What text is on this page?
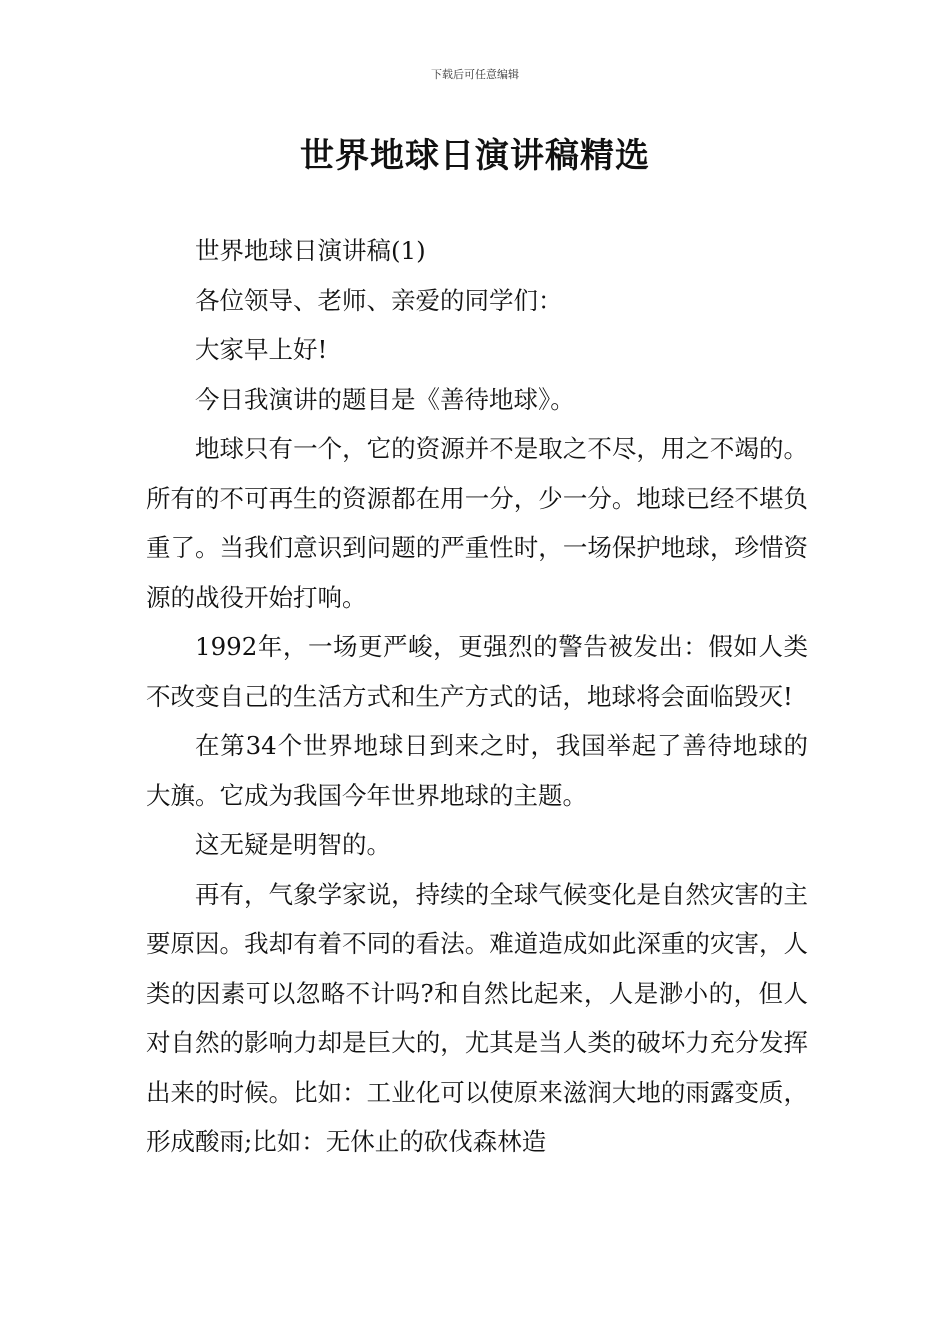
下载后可任意编辑
世界地球日演讲稿精选

世界地球日演讲稿(1)

各位领导、老师、亲爱的同学们：

大家早上好!

今日我演讲的题目是《善待地球》。

地球只有一个，它的资源并不是取之不尽，用之不竭的。所有的不可再生的资源都在用一分，少一分。地球已经不堪负重了。当我们意识到问题的严重性时，一场保护地球，珍惜资源的战役开始打响。

1992年，一场更严峻，更强烈的警告被发出：假如人类不改变自己的生活方式和生产方式的话，地球将会面临毁灭!

在第34个世界地球日到来之时，我国举起了善待地球的大旗。它成为我国今年世界地球的主题。

这无疑是明智的。

再有，气象学家说，持续的全球气候变化是自然灾害的主要原因。我却有着不同的看法。难道造成如此深重的灾害，人类的因素可以忽略不计吗?和自然比起来，人是渺小的，但人对自然的影响力却是巨大的，尤其是当人类的破坏力充分发挥出来的时候。比如：工业化可以使原来滋润大地的雨露变质，形成酸雨;比如：无休止的砍伐森林造
